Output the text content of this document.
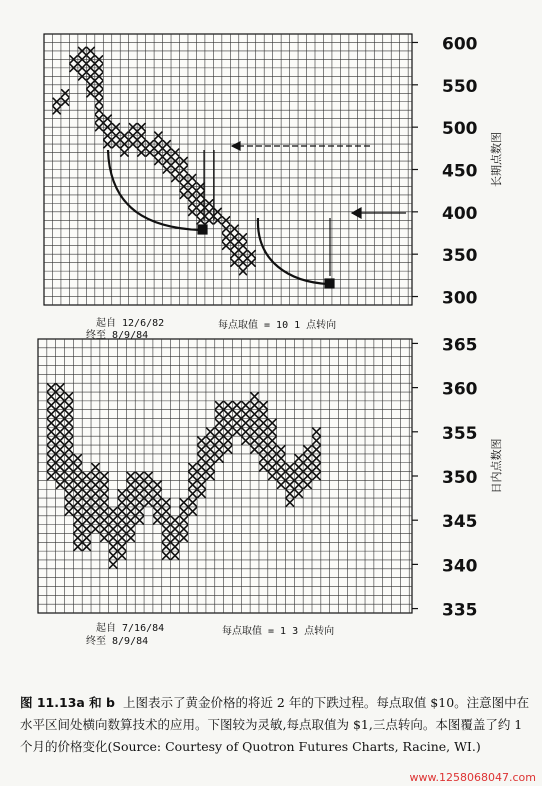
600
550
500
450
400
350
300
长期点数图
365
360
355
350
345
340
335
日内点数图
起自 12/6/82
终至 8/9/84
每点取值 = 10 1 点转向
起自 7/16/84
终至 8/9/84
每点取值 = 1 3 点转向
图 11.13a 和 b 上图表示了黄金价格的将近 2 年的下跌过程。每点取值 $10。注意图中在水平区间处横向数算技术的应用。下图较为灵敏,每点取值为 $1,三点转向。本图覆盖了约 1 个月的价格变化(Source: Courtesy of Quotron Futures Charts, Racine, WI.)
www.1258068047.com
